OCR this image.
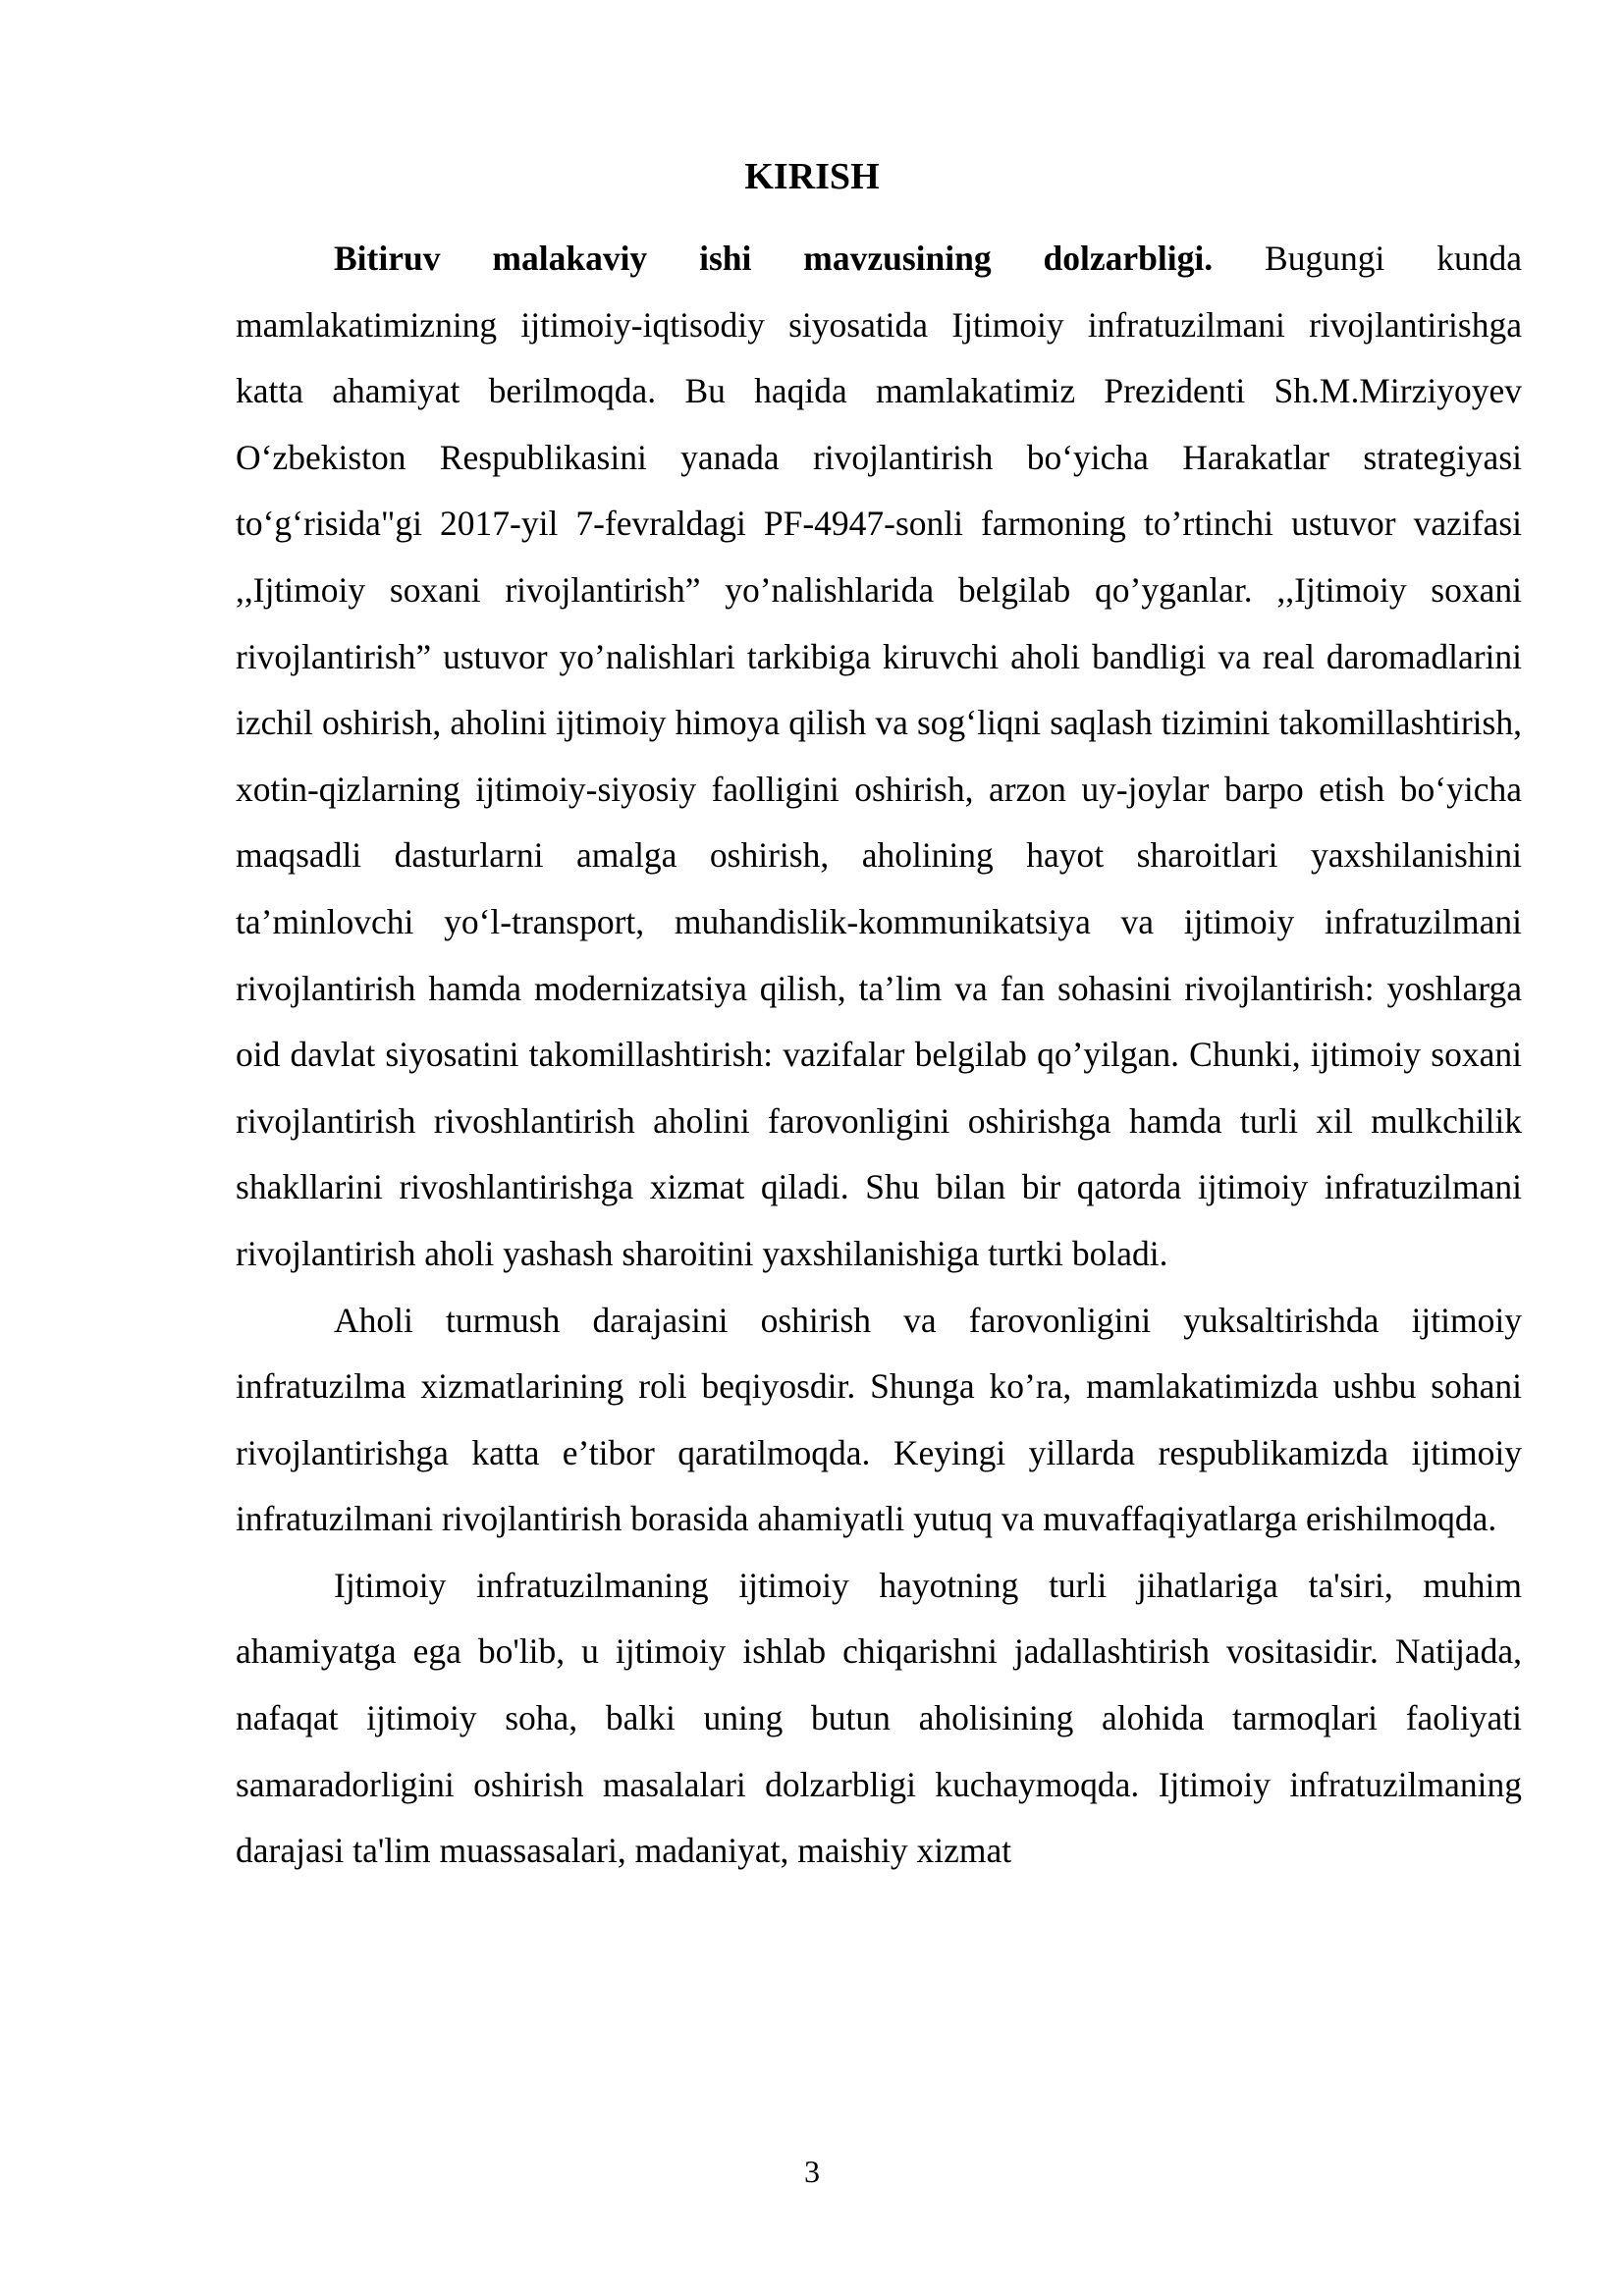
KIRISH

Bitiruv malakaviy ishi mavzusining dolzarbligi. Bugungi kunda mamlakatimizning ijtimoiy-iqtisodiy siyosatida Ijtimoiy infratuzilmani rivojlantirishga katta ahamiyat berilmoqda. Bu haqida mamlakatimiz Prezidenti Sh.M.Mirziyoyev O‘zbekiston Respublikasini yanada rivojlantirish bo‘yicha Harakatlar strategiyasi to‘g‘risida"gi 2017-yil 7-fevraldagi PF-4947-sonli farmoning to’rtinchi ustuvor vazifasi ,,Ijtimoiy soxani rivojlantirish” yo’nalishlarida belgilab qo’yganlar. ,,Ijtimoiy soxani rivojlantirish” ustuvor yo’nalishlari tarkibiga kiruvchi aholi bandligi va real daromadlarini izchil oshirish, aholini ijtimoiy himoya qilish va sog‘liqni saqlash tizimini takomillashtirish, xotin-qizlarning ijtimoiy-siyosiy faolligini oshirish, arzon uy-joylar barpo etish bo‘yicha maqsadli dasturlarni amalga oshirish, aholining hayot sharoitlari yaxshilanishini ta’minlovchi yo‘l-transport, muhandislik-kommunikatsiya va ijtimoiy infratuzilmani rivojlantirish hamda modernizatsiya qilish, ta’lim va fan sohasini rivojlantirish: yoshlarga oid davlat siyosatini takomillashtirish: vazifalar belgilab qo’yilgan. Chunki, ijtimoiy soxani rivojlantirish rivoshlantirish aholini farovonligini oshirishga hamda turli xil mulkchilik shakllarini rivoshlantirishga xizmat qiladi. Shu bilan bir qatorda ijtimoiy infratuzilmani rivojlantirish aholi yashash sharoitini yaxshilanishiga turtki boladi.

Aholi turmush darajasini oshirish va farovonligini yuksaltirishda ijtimoiy infratuzilma xizmatlarining roli beqiyosdir. Shunga ko’ra, mamlakatimizda ushbu sohani rivojlantirishga katta e’tibor qaratilmoqda. Keyingi yillarda respublikamizda ijtimoiy infratuzilmani rivojlantirish borasida ahamiyatli yutuq va muvaffaqiyatlarga erishilmoqda.

Ijtimoiy infratuzilmaning ijtimoiy hayotning turli jihatlariga ta'siri, muhim ahamiyatga ega bo'lib, u ijtimoiy ishlab chiqarishni jadallashtirish vositasidir. Natijada, nafaqat ijtimoiy soha, balki uning butun aholisining alohida tarmoqlari faoliyati samaradorligini oshirish masalalari dolzarbligi kuchaymoqda. Ijtimoiy infratuzilmaning darajasi ta'lim muassasalari, madaniyat, maishiy xizmat

3
